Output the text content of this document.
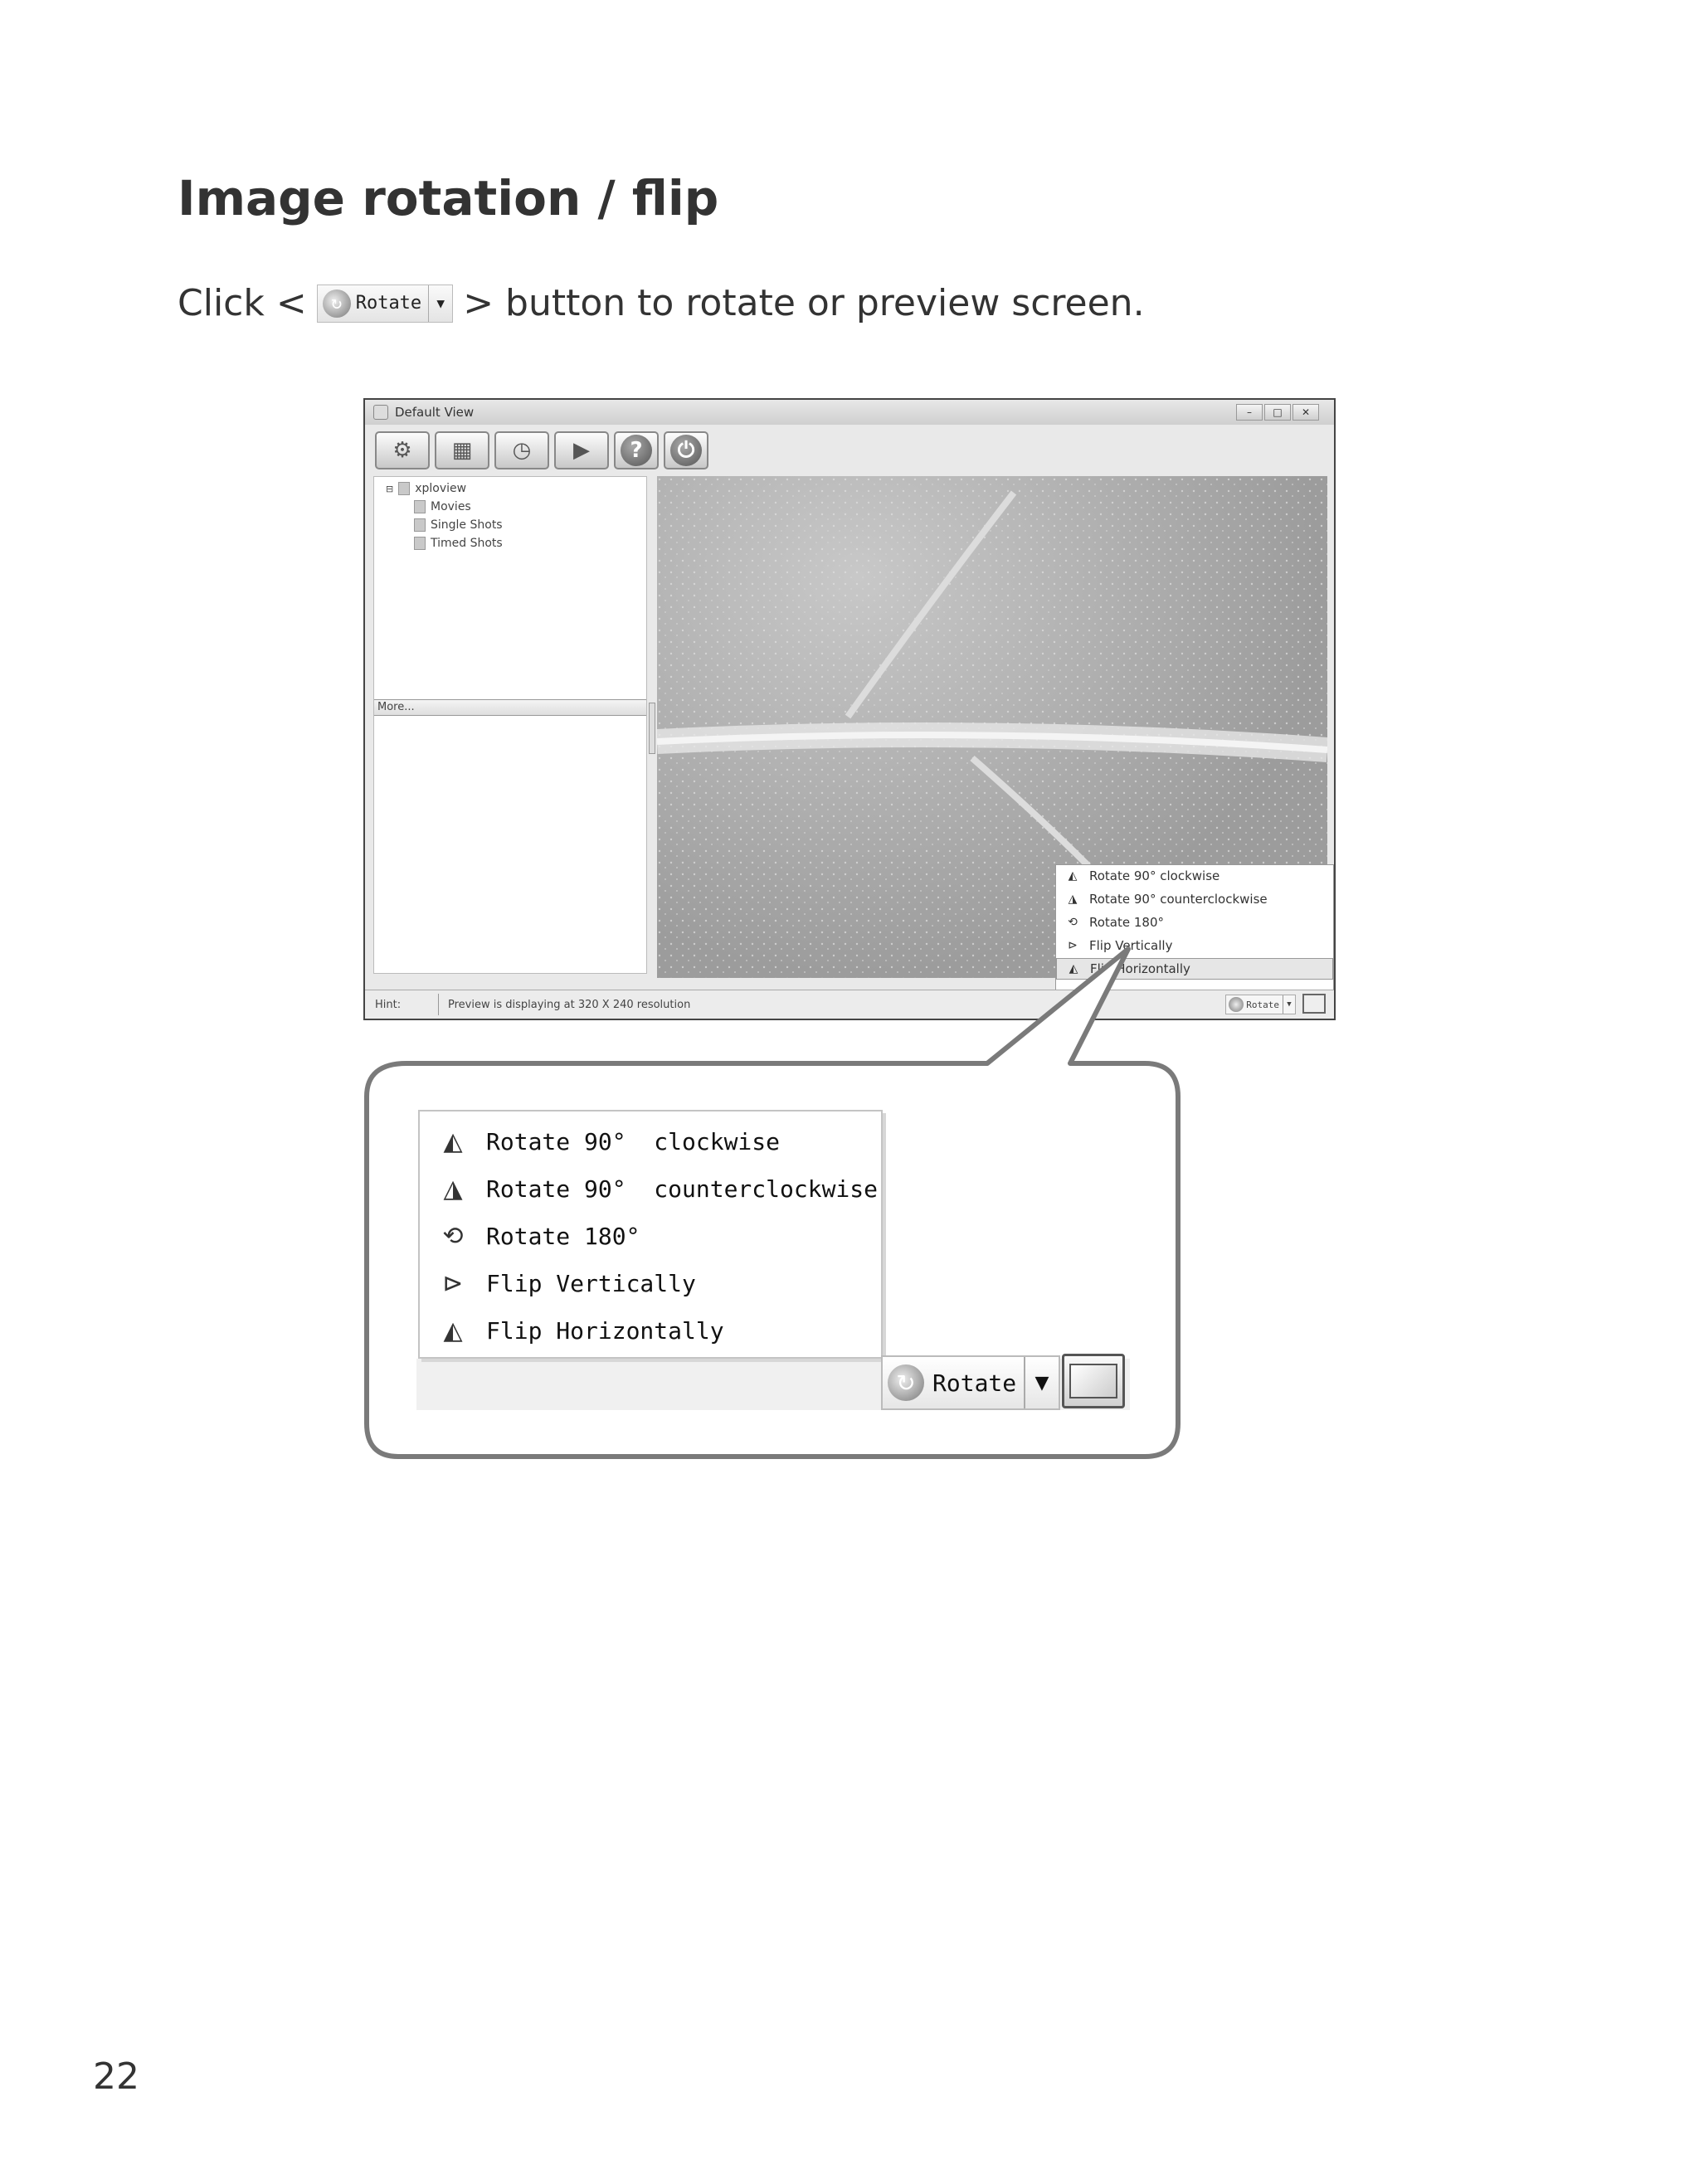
Image rotation / flip
Click <	↻ Rotate	▼ > button to rotate or preview screen.
Default View	–	□	✕
⚙ ▦ ◷ ▶	?	⏻
⊟ xploview
Movies
Single Shots
Timed Shots
More...
◭ Rotate 90° clockwise
◮ Rotate 90° counterclockwise
⟲ Rotate 180°
⊳ Flip Vertically
◭ Flip Horizontally
Hint:	Preview is displaying at 320 X 240 resolution	Rotate	▼
◭	Rotate 90°  clockwise
◮	Rotate 90°  counterclockwise
⟲ Rotate 180°
⊳ Flip Vertically
◭	Flip Horizontally
↻ Rotate	▼
22
